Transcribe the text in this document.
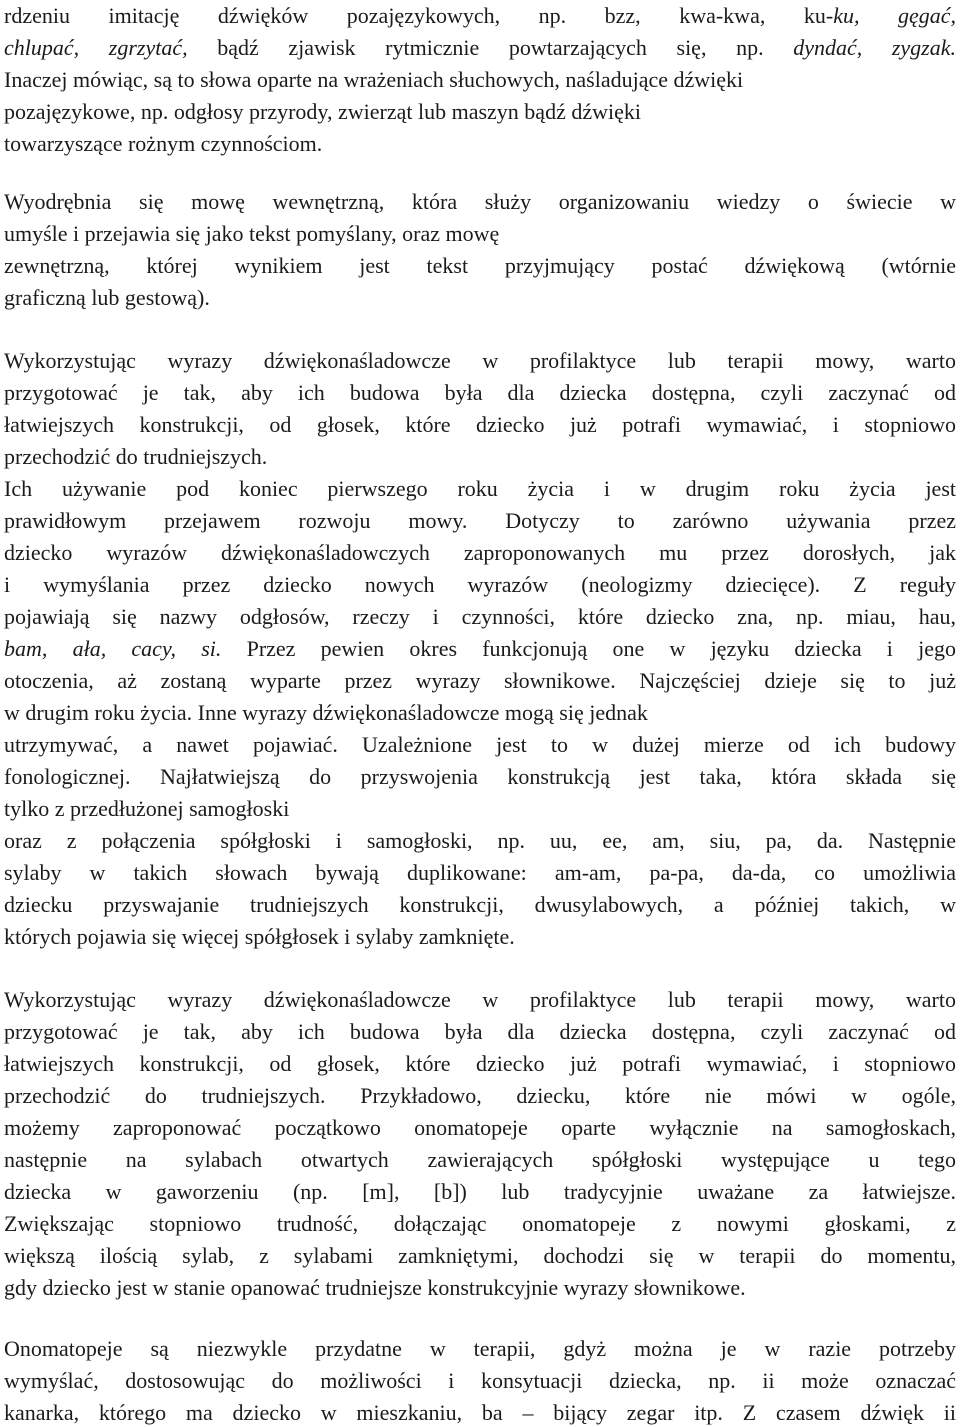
rdzeniu imitację dźwięków pozajęzykowych, np. bzz, kwa-kwa, ku-ku, gęgać,
chlupać, zgrzytać, bądź zjawisk rytmicznie powtarzających się, np. dyndać, zygzak.
Inaczej mówiąc, są to słowa oparte na wrażeniach słuchowych, naśladujące dźwięki
pozajęzykowe, np. odgłosy przyrody, zwierząt lub maszyn bądź dźwięki
towarzyszące rożnym czynnościom.
Wyodrębnia się mowę wewnętrzną, która służy organizowaniu wiedzy o świecie w
umyśle i przejawia się jako tekst pomyślany, oraz mowę
zewnętrzną, której wynikiem jest tekst przyjmujący postać dźwiękową (wtórnie
graficzną lub gestową).
Wykorzystując wyrazy dźwiękonaśladowcze w profilaktyce lub terapii mowy, warto
przygotować je tak, aby ich budowa była dla dziecka dostępna, czyli zaczynać od
łatwiejszych konstrukcji, od głosek, które dziecko już potrafi wymawiać, i stopniowo
przechodzić do trudniejszych.
Ich używanie pod koniec pierwszego roku życia i w drugim roku życia jest
prawidłowym przejawem rozwoju mowy. Dotyczy to zarówno używania przez
dziecko wyrazów dźwiękonaśladowczych zaproponowanych mu przez dorosłych, jak
i wymyślania przez dziecko nowych wyrazów (neologizmy dziecięce). Z reguły
pojawiają się nazwy odgłosów, rzeczy i czynności, które dziecko zna, np. miau, hau,
bam, ała, cacy, si. Przez pewien okres funkcjonują one w języku dziecka i jego
otoczenia, aż zostaną wyparte przez wyrazy słownikowe. Najczęściej dzieje się to już
w drugim roku życia. Inne wyrazy dźwiękonaśladowcze mogą się jednak
utrzymywać, a nawet pojawiać. Uzależnione jest to w dużej mierze od ich budowy
fonologicznej. Najłatwiejszą do przyswojenia konstrukcją jest taka, która składa się
tylko z przedłużonej samogłoski
oraz z połączenia spółgłoski i samogłoski, np. uu, ee, am, siu, pa, da. Następnie
sylaby w takich słowach bywają duplikowane: am-am, pa-pa, da-da, co umożliwia
dziecku przyswajanie trudniejszych konstrukcji, dwusylabowych, a później takich, w
których pojawia się więcej spółgłosek i sylaby zamknięte.
Wykorzystując wyrazy dźwiękonaśladowcze w profilaktyce lub terapii mowy, warto
przygotować je tak, aby ich budowa była dla dziecka dostępna, czyli zaczynać od
łatwiejszych konstrukcji, od głosek, które dziecko już potrafi wymawiać, i stopniowo
przechodzić do trudniejszych. Przykładowo, dziecku, które nie mówi w ogóle,
możemy zaproponować początkowo onomatopeje oparte wyłącznie na samogłoskach,
następnie na sylabach otwartych zawierających spółgłoski występujące u tego
dziecka w gaworzeniu (np. [m], [b]) lub tradycyjnie uważane za łatwiejsze.
Zwiększając stopniowo trudność, dołączając onomatopeje z nowymi głoskami, z
większą ilością sylab, z sylabami zamkniętymi, dochodzi się w terapii do momentu,
gdy dziecko jest w stanie opanować trudniejsze konstrukcyjnie wyrazy słownikowe.
Onomatopeje są niezwykle przydatne w terapii, gdyż można je w razie potrzeby
wymyślać, dostosowując do możliwości i konsytuacji dziecka, np. ii może oznaczać
kanarka, którego ma dziecko w mieszkaniu, ba – bijący zegar itp. Z czasem dźwięk ii
